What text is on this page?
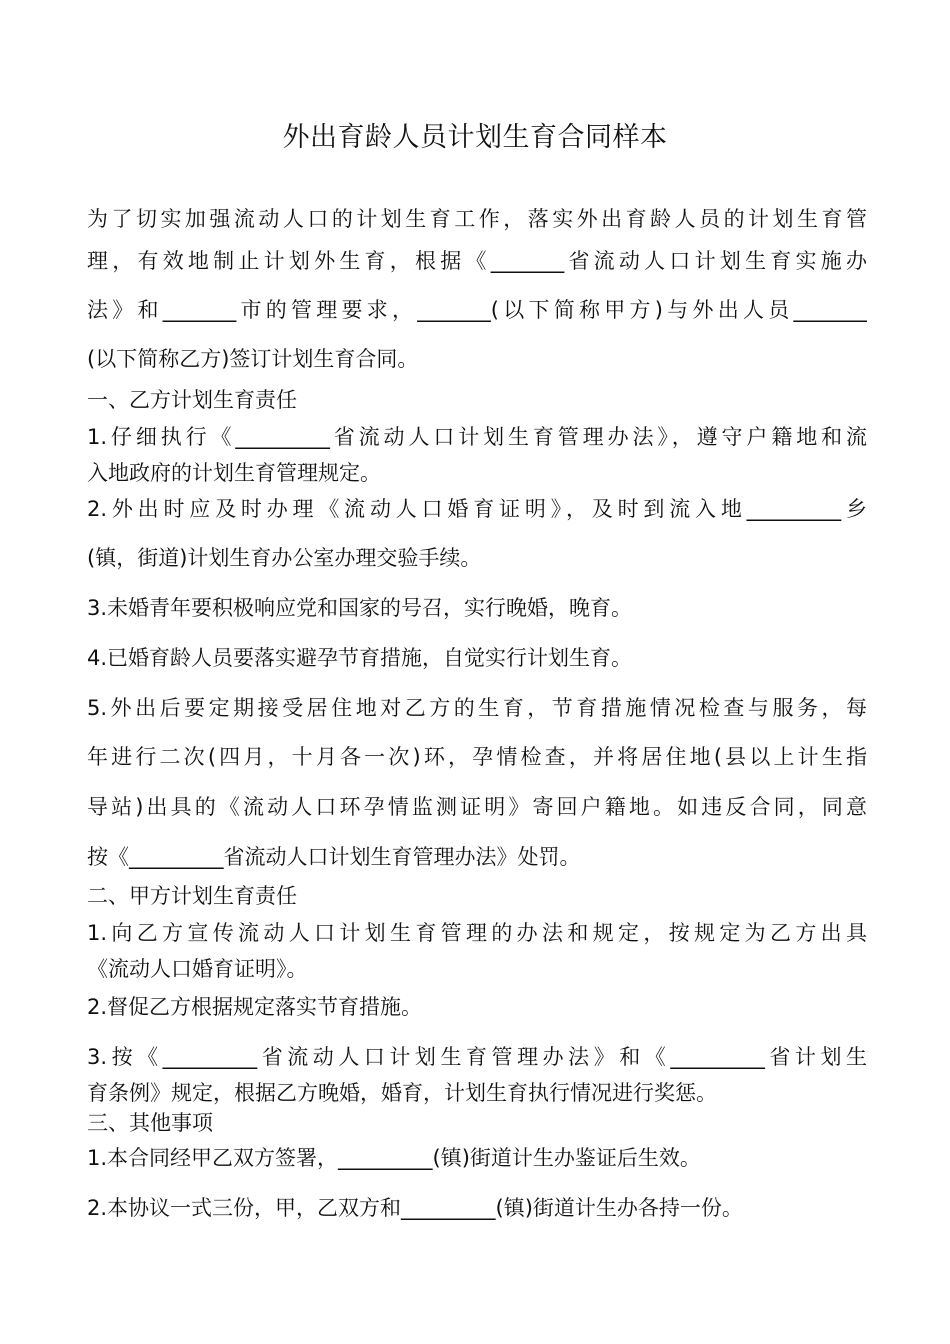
外出育龄人员计划生育合同样本
为了切实加强流动人口的计划生育工作，落实外出育龄人员的计划生育管
理，有效地制止计划外生育，根据《_______省流动人口计划生育实施办
法》和_______市的管理要求，_______(以下简称甲方)与外出人员_______
(以下简称乙方)签订计划生育合同。
一、乙方计划生育责任
1.仔细执行《_________省流动人口计划生育管理办法》，遵守户籍地和流
入地政府的计划生育管理规定。
2.外出时应及时办理《流动人口婚育证明》，及时到流入地_________乡
(镇，街道)计划生育办公室办理交验手续。
3.未婚青年要积极响应党和国家的号召，实行晚婚，晚育。
4.已婚育龄人员要落实避孕节育措施，自觉实行计划生育。
5.外出后要定期接受居住地对乙方的生育，节育措施情况检查与服务，每
年进行二次(四月，十月各一次)环，孕情检查，并将居住地(县以上计生指
导站)出具的《流动人口环孕情监测证明》寄回户籍地。如违反合同，同意
按《_________省流动人口计划生育管理办法》处罚。
二、甲方计划生育责任
1.向乙方宣传流动人口计划生育管理的办法和规定，按规定为乙方出具
《流动人口婚育证明》。
2.督促乙方根据规定落实节育措施。
3.按《_________省流动人口计划生育管理办法》和《_________省计划生
育条例》规定，根据乙方晚婚，婚育，计划生育执行情况进行奖惩。
三、其他事项
1.本合同经甲乙双方签署，_________(镇)街道计生办鉴证后生效。
2.本协议一式三份，甲，乙双方和_________(镇)街道计生办各持一份。
